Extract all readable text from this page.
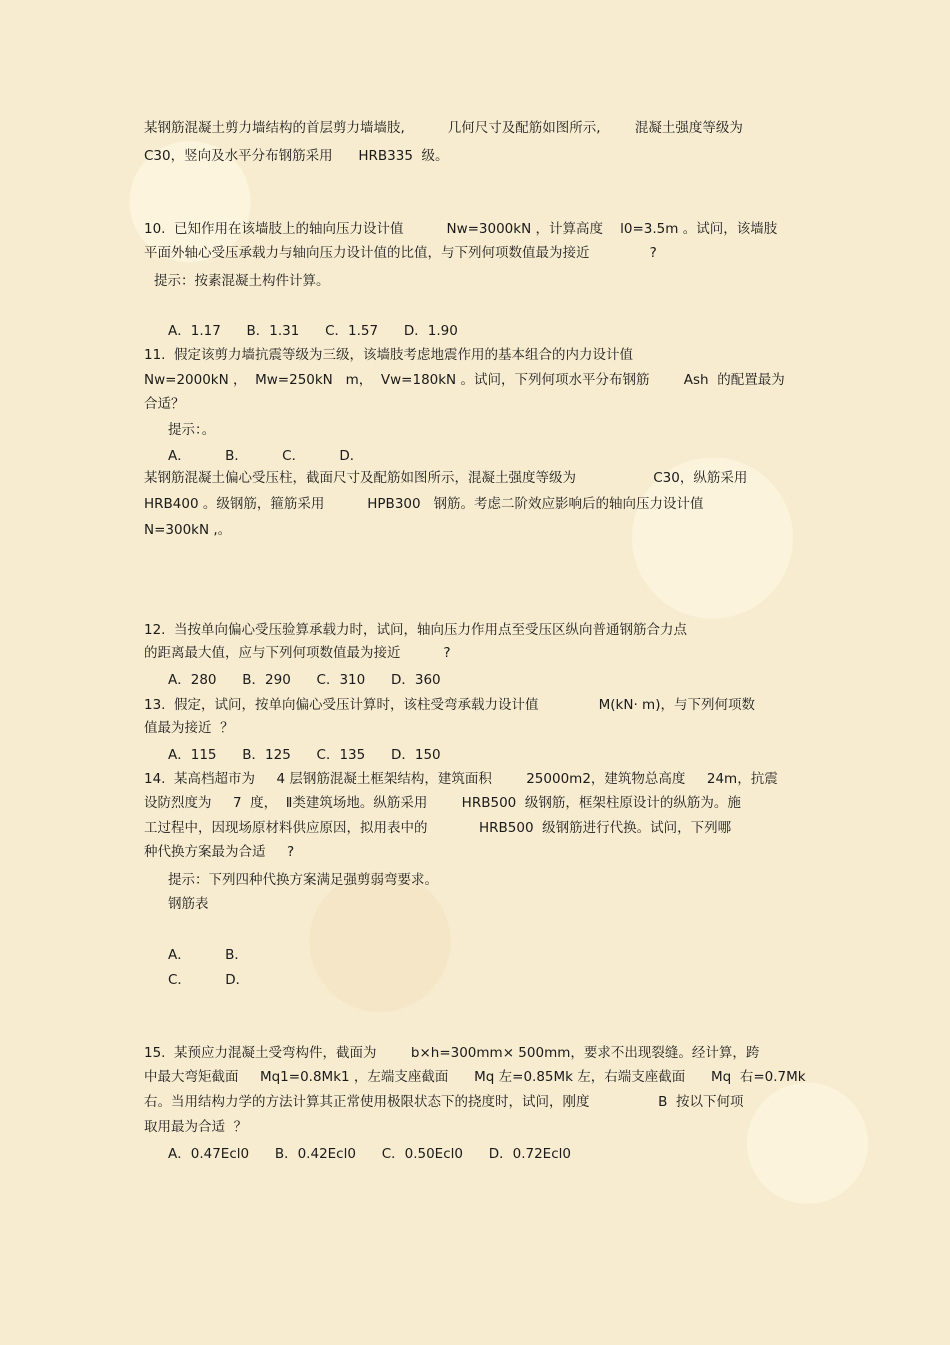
某钢筋混凝土剪力墙结构的首层剪力墙墙肢,          几何尺寸及配筋如图所示,        混凝土强度等级为

C30，竖向及水平分布钢筋采用      HRB335  级。

10.  已知作用在该墙肢上的轴向压力设计值          Nw=3000kN ，计算高度    l0=3.5m 。试问，该墙肢

平面外轴心受压承载力与轴向压力设计值的比值，与下列何项数值最为接近              ?

提示：按素混凝土构件计算。

A．1.17      B．1.31      C．1.57      D．1.90

11.  假定该剪力墙抗震等级为三级，该墙肢考虑地震作用的基本组合的内力设计值

Nw=2000kN ，  Mw=250kN   m，  Vw=180kN 。试问，下列何项水平分布钢筋        Ash  的配置最为

合适？

提示：。

A．        B．        C．        D．

某钢筋混凝土偏心受压柱，截面尺寸及配筋如图所示，混凝土强度等级为                  C30，纵筋采用

HRB400 。级钢筋，箍筋采用          HPB300   钢筋。考虑二阶效应影响后的轴向压力设计值

N=300kN ,。

12.  当按单向偏心受压验算承载力时，试问，轴向压力作用点至受压区纵向普通钢筋合力点

的距离最大值，应与下列何项数值最为接近          ?

A．280      B．290      C．310      D．360

13.  假定，试问，按单向偏心受压计算时，该柱受弯承载力设计值              M(kN· m)，与下列何项数

值最为接近  ？

A．115      B．125      C．135      D．150

14.  某高档超市为     4 层钢筋混凝土框架结构，建筑面积        25000m2，建筑物总高度     24m，抗震

设防烈度为     7  度，  Ⅱ类建筑场地。纵筋采用        HRB500  级钢筋，框架柱原设计的纵筋为。施

工过程中，因现场原材料供应原因，拟用表中的            HRB500  级钢筋进行代换。试问，下列哪

种代换方案最为合适     ?

提示：下列四种代换方案满足强剪弱弯要求。

钢筋表

A．        B．

C．        D．

15.  某预应力混凝土受弯构件，截面为        b×h=300mm× 500mm，要求不出现裂缝。经计算，跨

中最大弯矩截面     Mq1=0.8Mk1 ，左端支座截面      Mq 左=0.85Mk 左，右端支座截面      Mq  右=0.7Mk

右。当用结构力学的方法计算其正常使用极限状态下的挠度时，试问，刚度                B  按以下何项

取用最为合适  ？

A．0.47Ecl0      B．0.42Ecl0      C．0.50Ecl0      D．0.72Ecl0
